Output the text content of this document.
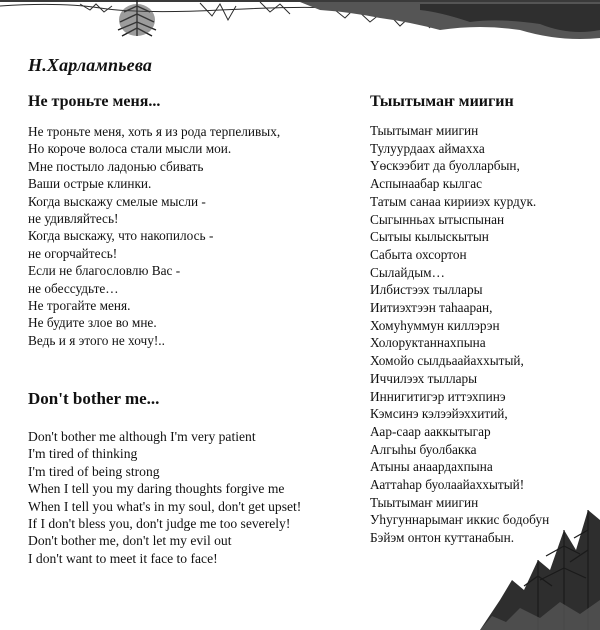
Н.Харлампьева
Не троньте меня...
Не троньте меня, хоть я из рода терпеливых,
Но короче волоса стали мысли мои.
Мне постыло ладонью сбивать
Ваши острые клинки.
Когда выскажу смелые мысли -
не удивляйтесь!
Когда выскажу, что накопилось -
не огорчайтесь!
Если не благословлю Вас -
не обессудьте…
Не трогайте меня.
Не будите злое во мне.
Ведь и я этого не хочу!..
Don't bother me...
Don't bother me although I'm very patient
I'm tired of thinking
I'm tired of being strong
When I tell you my daring thoughts forgive me
When I tell you what's in my soul, don't get upset!
If I don't bless you, don't judge me too severely!
Don't bother me, don't let my evil out
I don't want to meet it face to face!
Тыытымаҥ миигин
Тыытымаҥ миигин
Тулуурдаах аймахха
Үөскээбит да буолларбын,
Аспынаабар кылгас
Татым санаа кирииэх курдук.
Сыгынньах ытыспынан
Сытыы кылыскытын
Сабыта охсортон
Сылайдым…
Илбистээх тыллары
Иитиэхтээн таһааран,
Хомуһуммун киллэрэн
Холоруктаннахпына
Хомойо сылдьаайаххытый,
Иччилээх тыллары
Иннигитигэр иттэхпинэ
Кэмсинэ кэлээйэххитий,
Аар-саар ааккытыгар
Алгыһы буолбакка
Атыны анаардахпына
Ааттаһар буолаайаххытый!
Тыытымаҥ миигин
Уһугуннарымаҥ иккис бодобун
Бэйэм онтон куттанабын.
